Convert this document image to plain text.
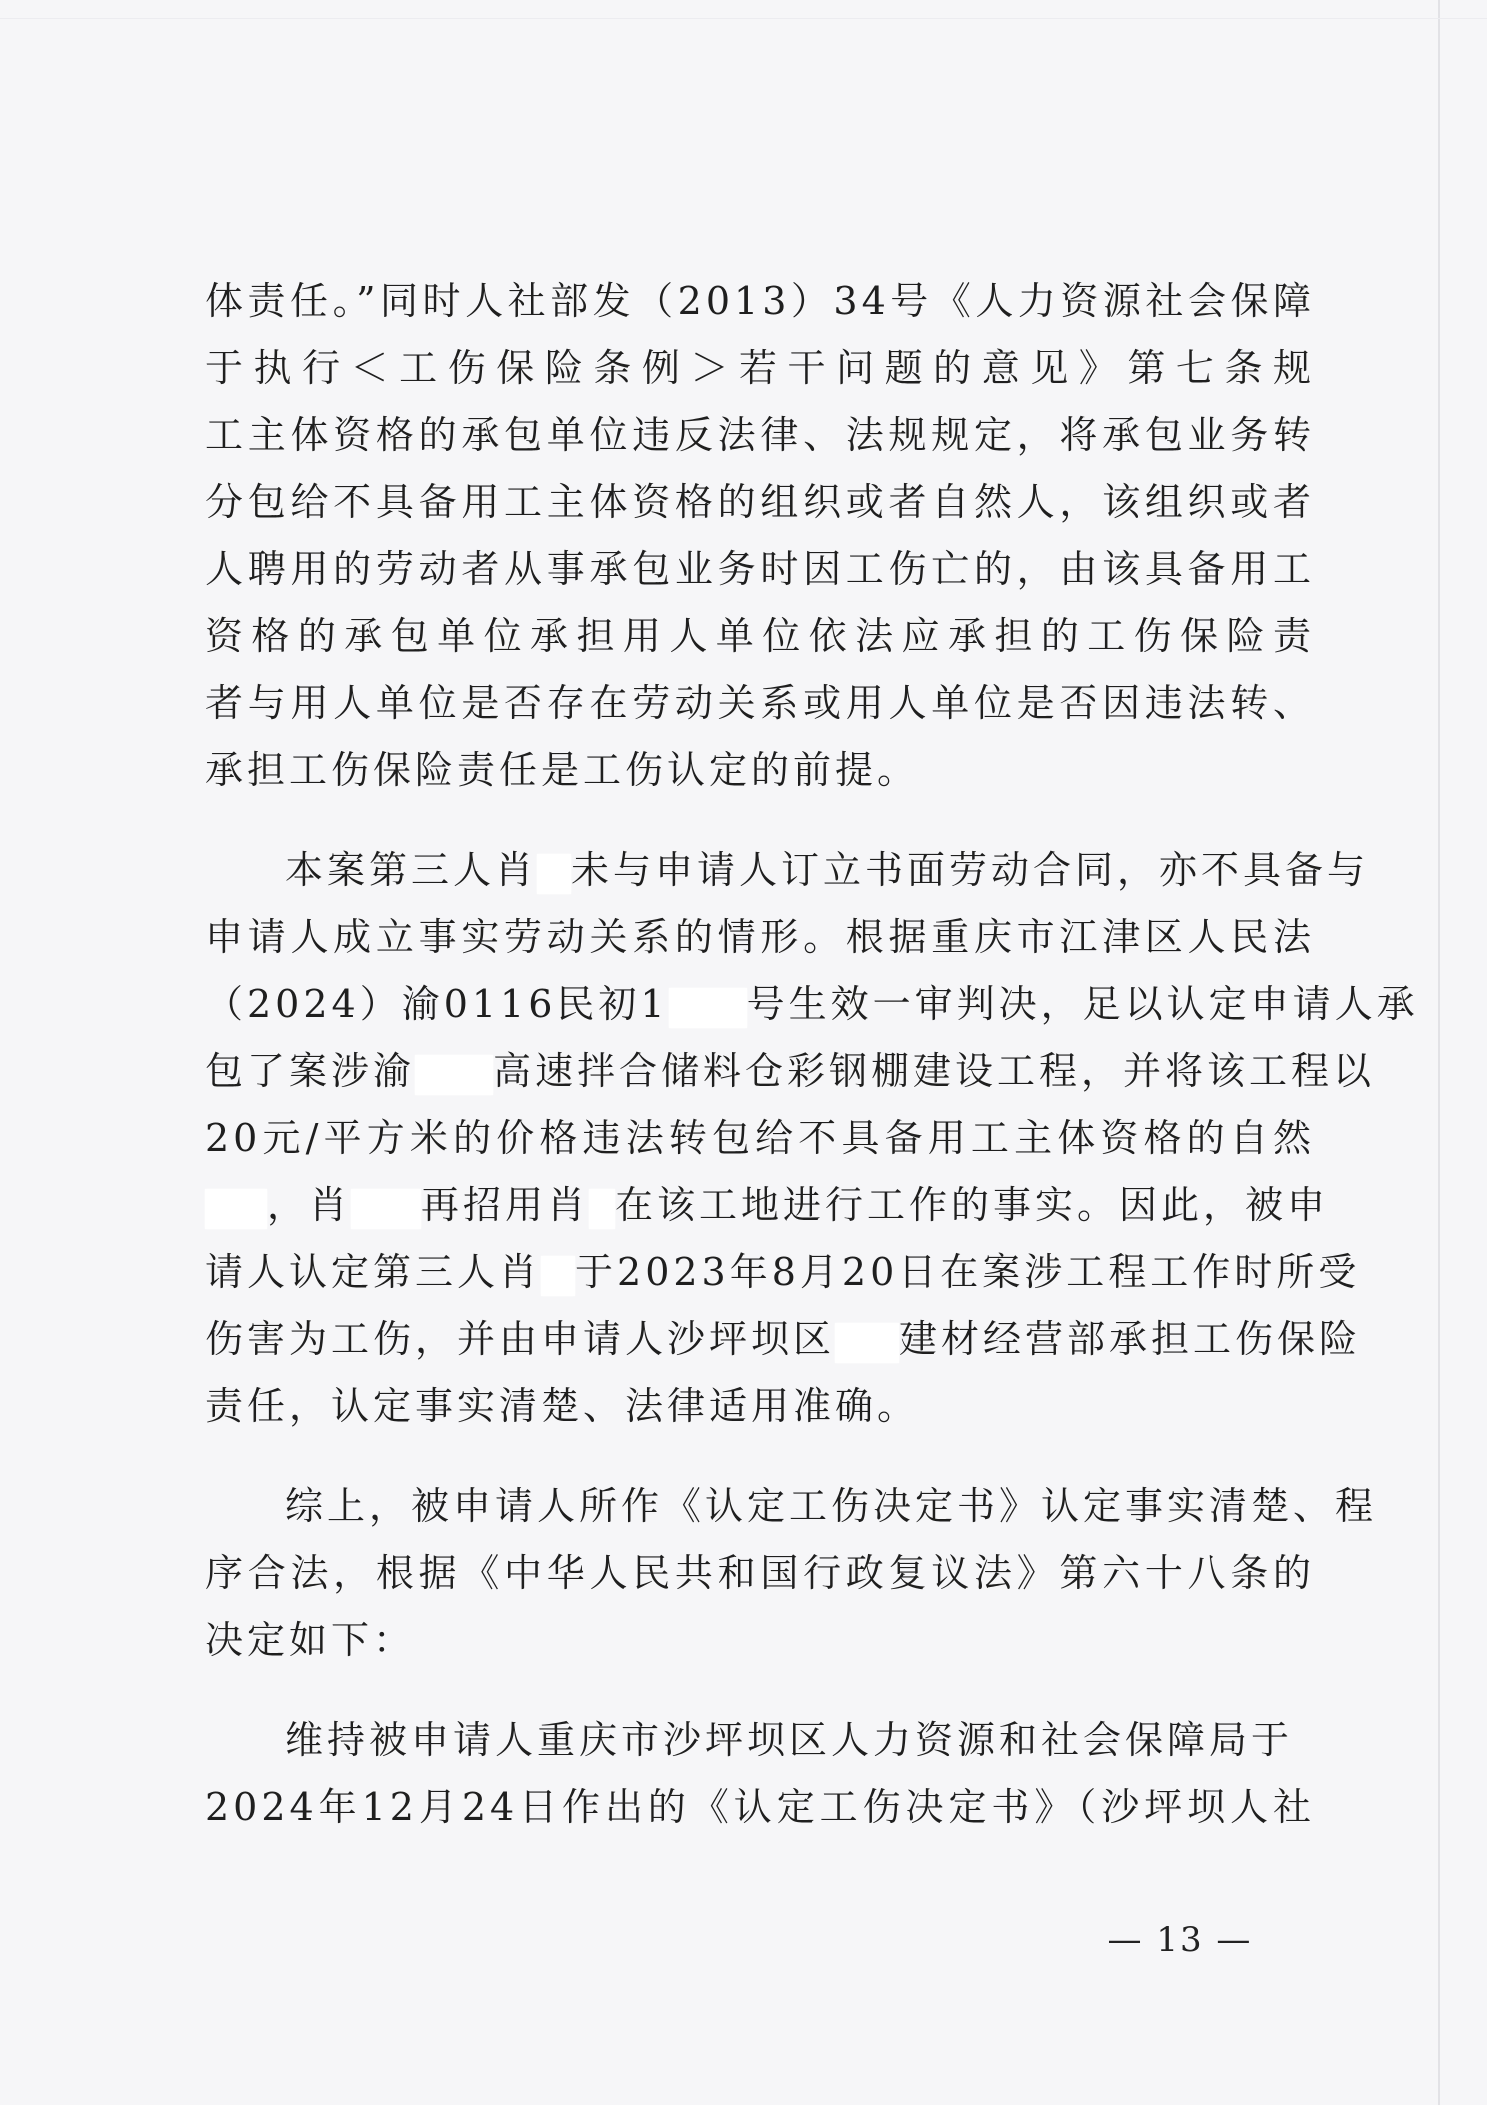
体责任。”同时人社部发（2013）34号《人力资源社会保障
于执行＜工伤保险条例＞若干问题的意见》第七条规
工主体资格的承包单位违反法律、法规规定，将承包业务转
分包给不具备用工主体资格的组织或者自然人，该组织或者
人聘用的劳动者从事承包业务时因工伤亡的，由该具备用工
资格的承包单位承担用人单位依法应承担的工伤保险责
者与用人单位是否存在劳动关系或用人单位是否因违法转、
承担工伤保险责任是工伤认定的前提。
本案第三人肖 未与申请人订立书面劳动合同，亦不具备与
申请人成立事实劳动关系的情形。根据重庆市江津区人民法
（2024）渝0116民初1 号生效一审判决，足以认定申请人承
包了案涉渝 高速拌合储料仓彩钢棚建设工程，并将该工程以
20元/平方米的价格违法转包给不具备用工主体资格的自然
，肖 再招用肖 在该工地进行工作的事实。因此，被申
请人认定第三人肖 于2023年8月20日在案涉工程工作时所受
伤害为工伤，并由申请人沙坪坝区 建材经营部承担工伤保险
责任，认定事实清楚、法律适用准确。
综上，被申请人所作《认定工伤决定书》认定事实清楚、程
序合法，根据《中华人民共和国行政复议法》第六十八条的
决定如下：
维持被申请人重庆市沙坪坝区人力资源和社会保障局于
2024年12月24日作出的《认定工伤决定书》（沙坪坝人社
— 13 —
